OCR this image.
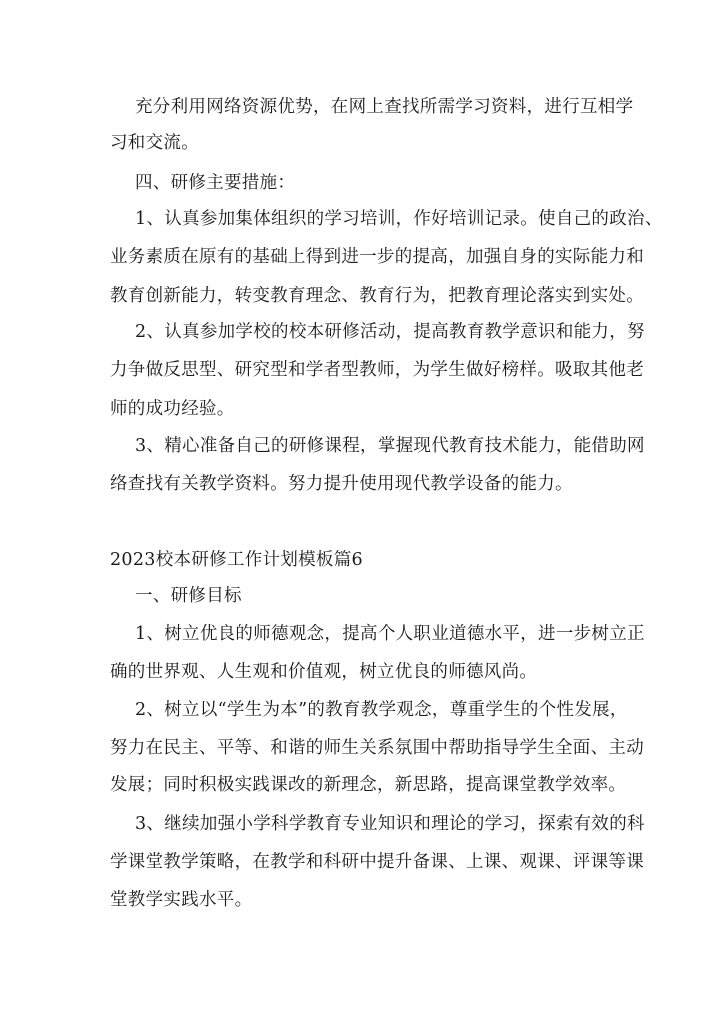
充分利用网络资源优势，在网上查找所需学习资料，进行互相学
习和交流。
四、研修主要措施：
1、认真参加集体组织的学习培训，作好培训记录。使自己的政治、
业务素质在原有的基础上得到进一步的提高，加强自身的实际能力和
教育创新能力，转变教育理念、教育行为，把教育理论落实到实处。
2、认真参加学校的校本研修活动，提高教育教学意识和能力，努
力争做反思型、研究型和学者型教师，为学生做好榜样。吸取其他老
师的成功经验。
3、精心准备自己的研修课程，掌握现代教育技术能力，能借助网
络查找有关教学资料。努力提升使用现代教学设备的能力。
2023校本研修工作计划模板篇6
一、研修目标
1、树立优良的师德观念，提高个人职业道德水平，进一步树立正
确的世界观、人生观和价值观，树立优良的师德风尚。
2、树立以“学生为本”的教育教学观念，尊重学生的个性发展，
努力在民主、平等、和谐的师生关系氛围中帮助指导学生全面、主动
发展；同时积极实践课改的新理念，新思路，提高课堂教学效率。
3、继续加强小学科学教育专业知识和理论的学习，探索有效的科
学课堂教学策略，在教学和科研中提升备课、上课、观课、评课等课
堂教学实践水平。
